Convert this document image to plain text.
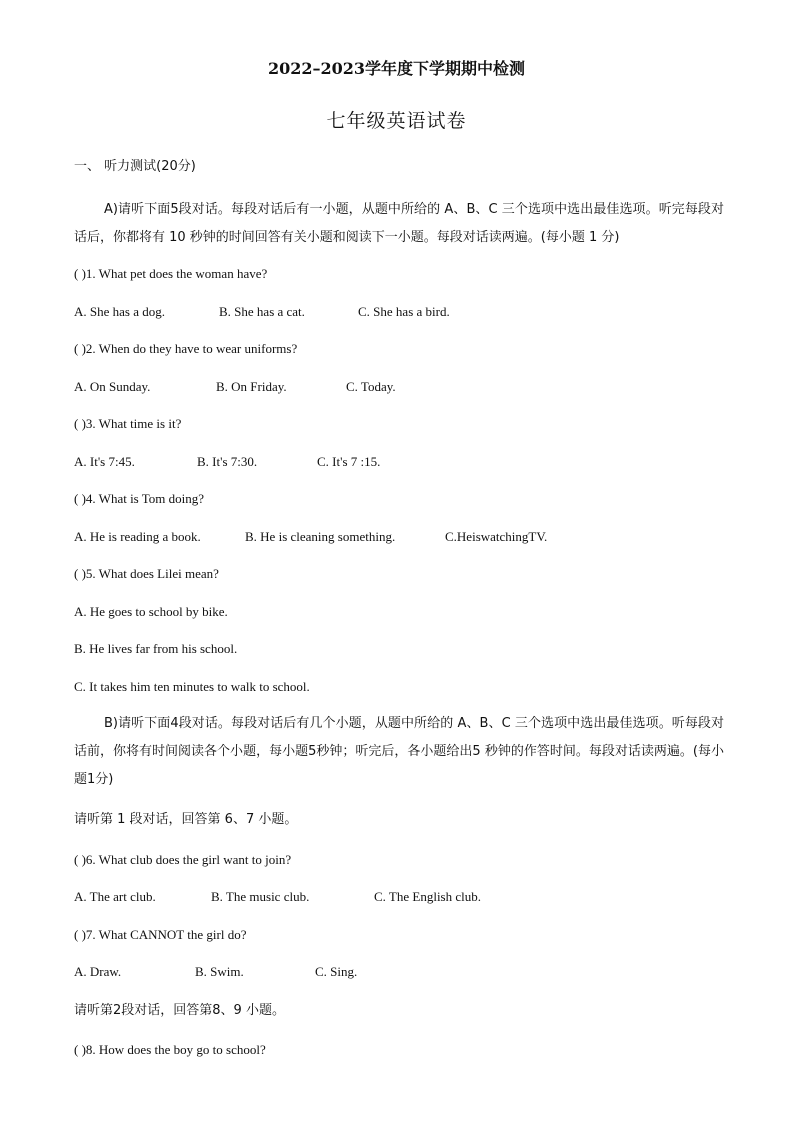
2022–2023学年度下学期期中检测
七年级英语试卷
一、 听力测试(20分)
A)请听下面5段对话。每段对话后有一小题，从题中所给的 A、B、C 三个选项中选出最佳选项。听完每段对话后，你都将有 10 秒钟的时间回答有关小题和阅读下一小题。每段对话读两遍。(每小题 1 分)
( )1. What pet does the woman have?
A. She has a dog.	B. She has a cat.	C. She has a bird.
( )2. When do they have to wear uniforms?
A. On Sunday.	B. On Friday.	C. Today.
( )3. What time is it?
A. It's 7:45.	B. It's 7:30.	C. It's 7 :15.
( )4. What is Tom doing?
A. He is reading a book.	B. He is cleaning something.	C.HeiswatchingTV.
( )5. What does Lilei mean?
A. He goes to school by bike.
B. He lives far from his school.
C. It takes him ten minutes to walk to school.
B)请听下面4段对话。每段对话后有几个小题，从题中所给的 A、B、C 三个选项中选出最佳选项。听每段对话前，你将有时间阅读各个小题，每小题5秒钟；听完后，各小题给出5 秒钟的作答时间。每段对话读两遍。(每小题1分)
请听第 1 段对话，回答第 6、7 小题。
( )6. What club does the girl want to join?
A. The art club.	B. The music club.	C. The English club.
( )7. What CANNOT the girl do?
A. Draw.	B. Swim.	C. Sing.
请听第2段对话，回答第8、9 小题。
( )8. How does the boy go to school?
